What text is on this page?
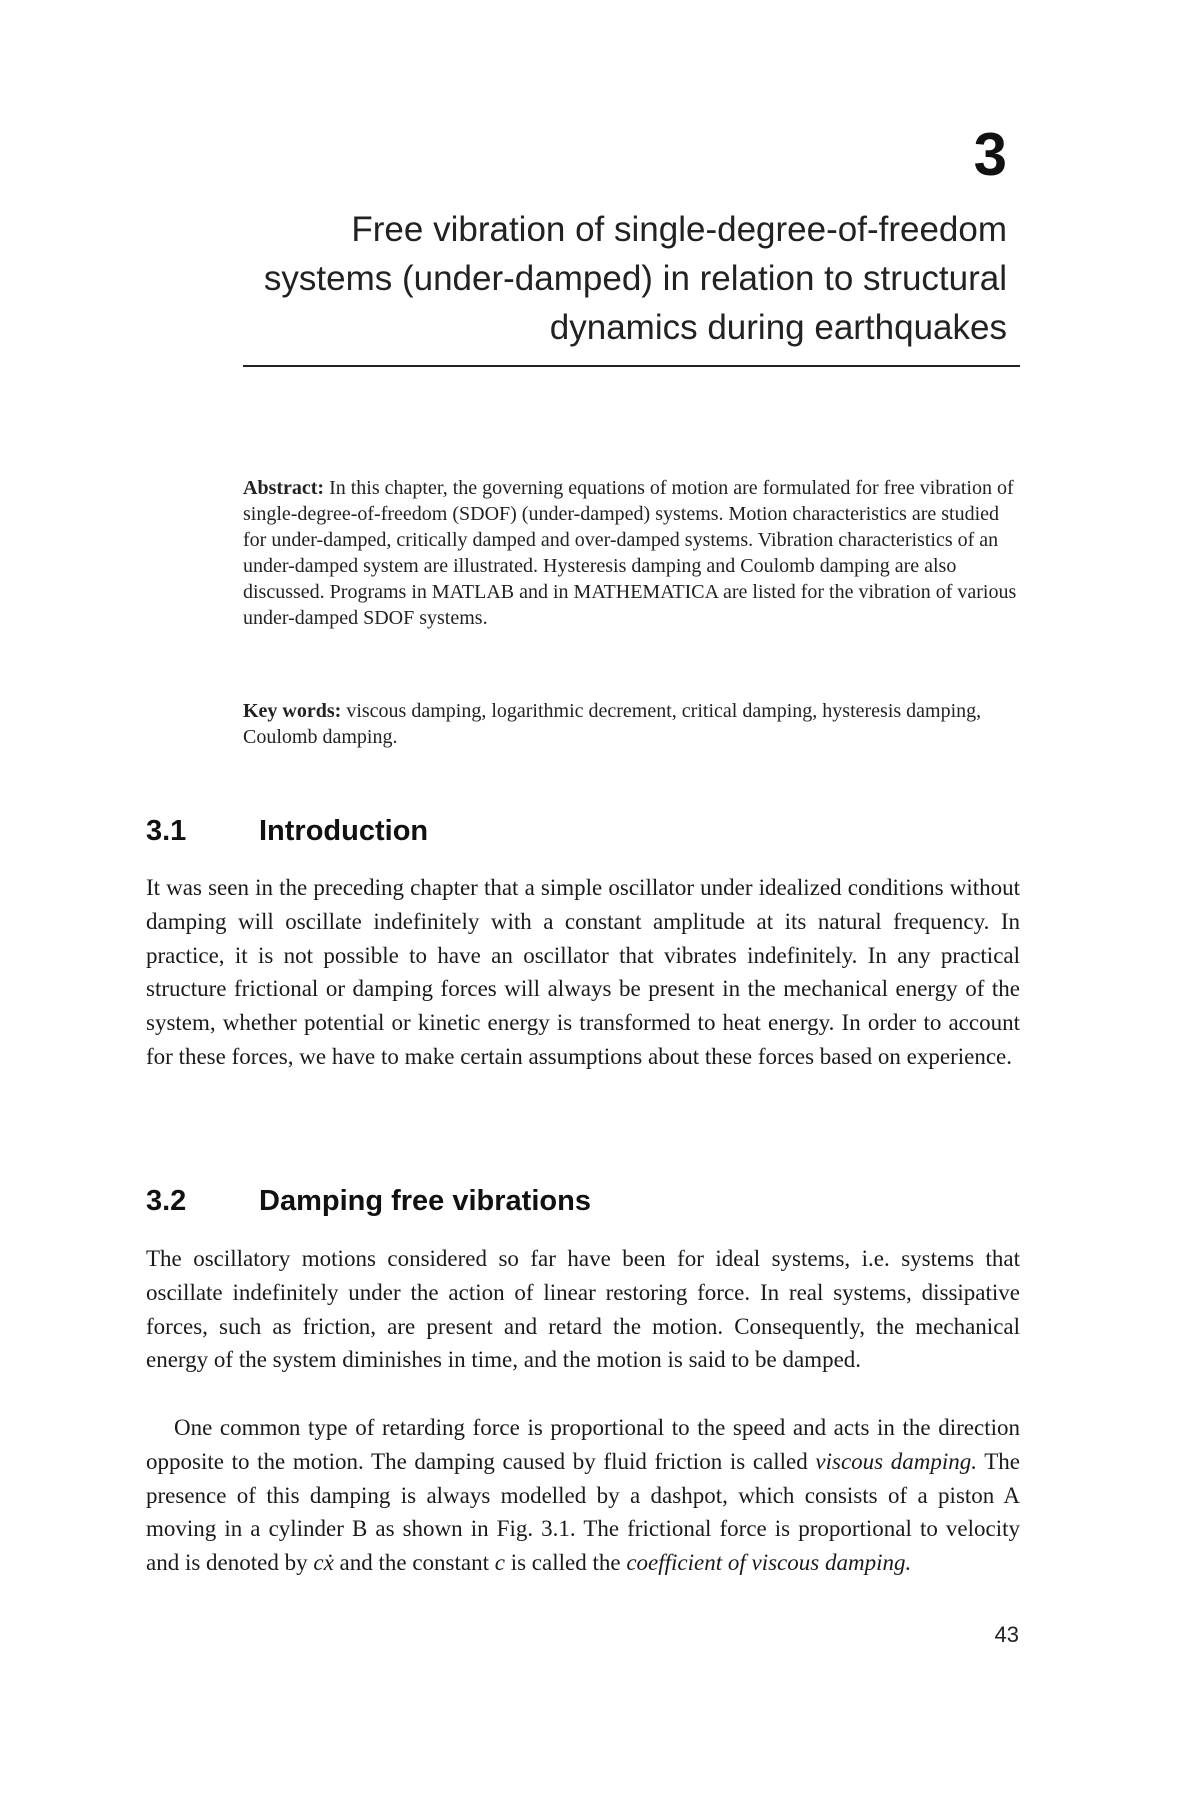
3
Free vibration of single-degree-of-freedom systems (under-damped) in relation to structural dynamics during earthquakes

Abstract: In this chapter, the governing equations of motion are formulated for free vibration of single-degree-of-freedom (SDOF) (under-damped) systems. Motion characteristics are studied for under-damped, critically damped and over-damped systems. Vibration characteristics of an under-damped system are illustrated. Hysteresis damping and Coulomb damping are also discussed. Programs in MATLAB and in MATHEMATICA are listed for the vibration of various under-damped SDOF systems.

Key words: viscous damping, logarithmic decrement, critical damping, hysteresis damping, Coulomb damping.

3.1	Introduction

It was seen in the preceding chapter that a simple oscillator under idealized conditions without damping will oscillate indefinitely with a constant amplitude at its natural frequency. In practice, it is not possible to have an oscillator that vibrates indefinitely. In any practical structure frictional or damping forces will always be present in the mechanical energy of the system, whether potential or kinetic energy is transformed to heat energy. In order to account for these forces, we have to make certain assumptions about these forces based on experience.

3.2	Damping free vibrations

The oscillatory motions considered so far have been for ideal systems, i.e. systems that oscillate indefinitely under the action of linear restoring force. In real systems, dissipative forces, such as friction, are present and retard the motion. Consequently, the mechanical energy of the system diminishes in time, and the motion is said to be damped.

One common type of retarding force is proportional to the speed and acts in the direction opposite to the motion. The damping caused by fluid friction is called viscous damping. The presence of this damping is always modelled by a dashpot, which consists of a piston A moving in a cylinder B as shown in Fig. 3.1. The frictional force is proportional to velocity and is denoted by cẋ and the constant c is called the coefficient of viscous damping.

43
